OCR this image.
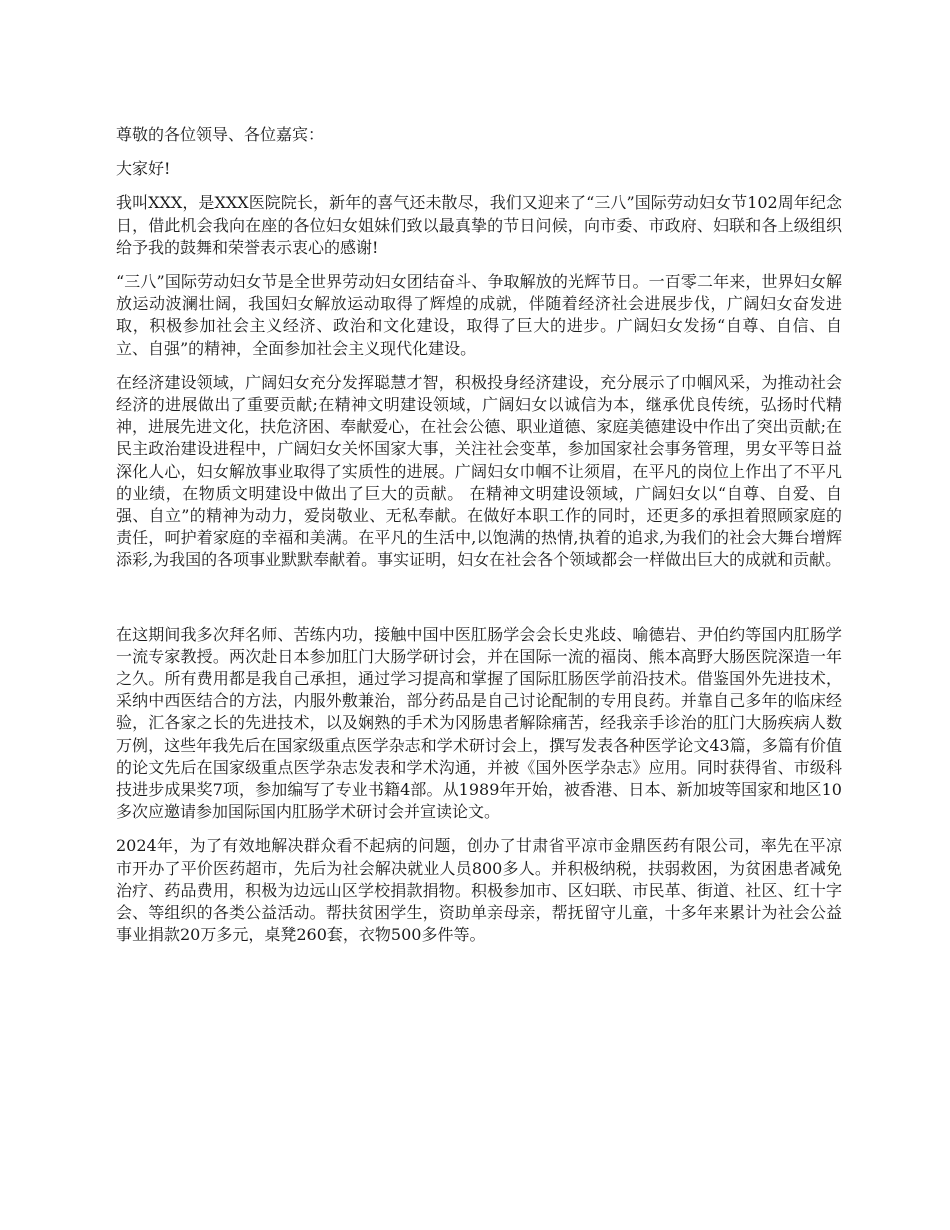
尊敬的各位领导、各位嘉宾：

大家好!

我叫XXX，是XXX医院院长，新年的喜气还未散尽，我们又迎来了“三八”国际劳动妇女节102周年纪念日，借此机会我向在座的各位妇女姐妹们致以最真挚的节日问候，向市委、市政府、妇联和各上级组织给予我的鼓舞和荣誉表示衷心的感谢!

“三八”国际劳动妇女节是全世界劳动妇女团结奋斗、争取解放的光辉节日。一百零二年来，世界妇女解放运动波澜壮阔，我国妇女解放运动取得了辉煌的成就，伴随着经济社会进展步伐，广阔妇女奋发进取，积极参加社会主义经济、政治和文化建设，取得了巨大的进步。广阔妇女发扬“自尊、自信、自立、自强”的精神，全面参加社会主义现代化建设。

在经济建设领域，广阔妇女充分发挥聪慧才智，积极投身经济建设，充分展示了巾帼风采，为推动社会经济的进展做出了重要贡献;在精神文明建设领域，广阔妇女以诚信为本，继承优良传统，弘扬时代精神，进展先进文化，扶危济困、奉献爱心，在社会公德、职业道德、家庭美德建设中作出了突出贡献;在民主政治建设进程中，广阔妇女关怀国家大事，关注社会变革，参加国家社会事务管理，男女平等日益深化人心，妇女解放事业取得了实质性的进展。广阔妇女巾帼不让须眉，在平凡的岗位上作出了不平凡的业绩，在物质文明建设中做出了巨大的贡献。 在精神文明建设领域，广阔妇女以“自尊、自爱、自强、自立”的精神为动力，爱岗敬业、无私奉献。在做好本职工作的同时，还更多的承担着照顾家庭的责任，呵护着家庭的幸福和美满。在平凡的生活中,以饱满的热情,执着的追求,为我们的社会大舞台增辉添彩,为我国的各项事业默默奉献着。事实证明，妇女在社会各个领域都会一样做出巨大的成就和贡献。

在这期间我多次拜名师、苦练内功，接触中国中医肛肠学会会长史兆歧、喻德岩、尹伯约等国内肛肠学一流专家教授。两次赴日本参加肛门大肠学研讨会，并在国际一流的福岗、熊本高野大肠医院深造一年之久。所有费用都是我自己承担，通过学习提高和掌握了国际肛肠医学前沿技术。借鉴国外先进技术，采纳中西医结合的方法，内服外敷兼治，部分药品是自己讨论配制的专用良药。并靠自己多年的临床经验，汇各家之长的先进技术，以及娴熟的手术为冈肠患者解除痛苦，经我亲手诊治的肛门大肠疾病人数万例，这些年我先后在国家级重点医学杂志和学术研讨会上，撰写发表各种医学论文43篇，多篇有价值的论文先后在国家级重点医学杂志发表和学术沟通，并被《国外医学杂志》应用。同时获得省、市级科技进步成果奖7项，参加编写了专业书籍4部。从1989年开始，被香港、日本、新加坡等国家和地区10多次应邀请参加国际国内肛肠学术研讨会并宣读论文。

2024年，为了有效地解决群众看不起病的问题，创办了甘肃省平凉市金鼎医药有限公司，率先在平凉市开办了平价医药超市，先后为社会解决就业人员800多人。并积极纳税，扶弱救困，为贫困患者减免治疗、药品费用，积极为边远山区学校捐款捐物。积极参加市、区妇联、市民革、街道、社区、红十字会、等组织的各类公益活动。帮扶贫困学生，资助单亲母亲，帮抚留守儿童，十多年来累计为社会公益事业捐款20万多元，桌凳260套，衣物500多件等。
